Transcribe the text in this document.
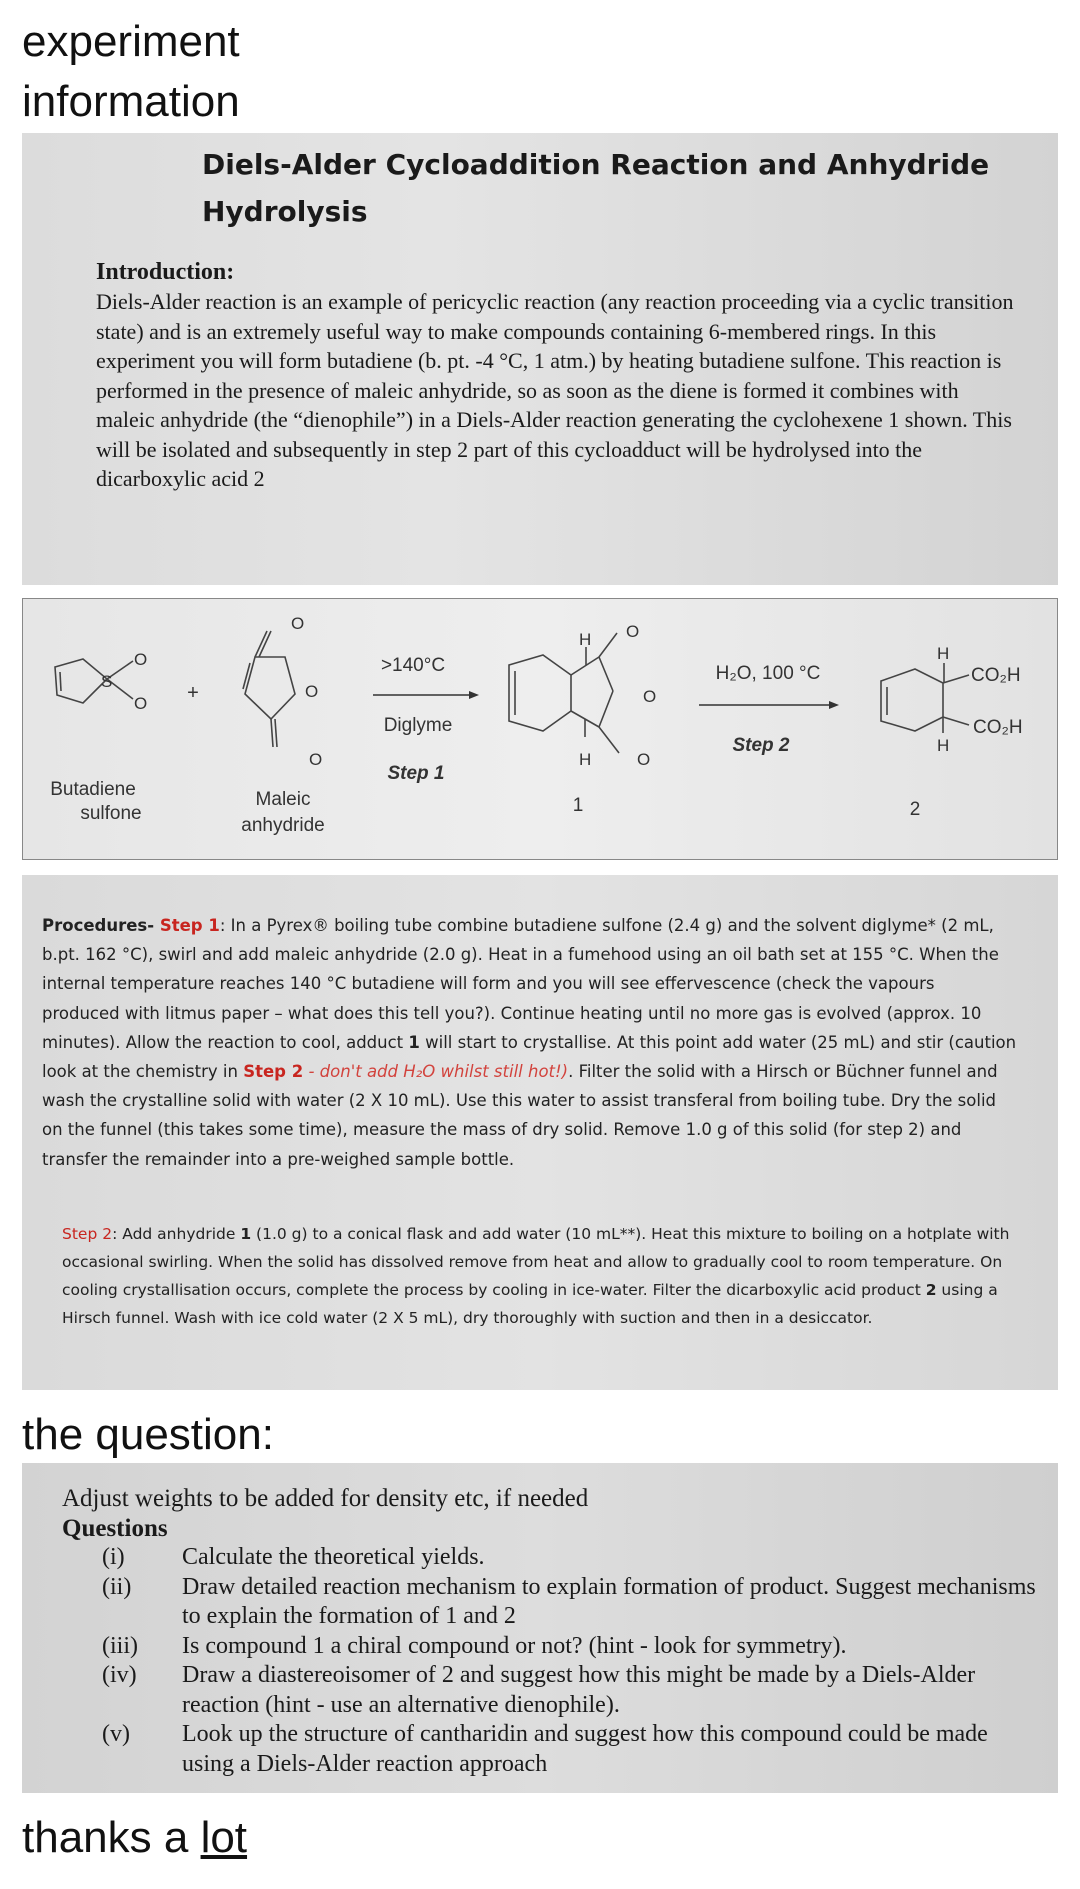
experiment
information
Diels-Alder Cycloaddition Reaction and Anhydride
Hydrolysis
Introduction:
Diels-Alder reaction is an example of pericyclic reaction (any reaction proceeding via a cyclic transition state) and is an extremely useful way to make compounds containing 6-membered rings. In this experiment you will form butadiene (b. pt. -4 °C, 1 atm.) by heating butadiene sulfone. This reaction is performed in the presence of maleic anhydride, so as soon as the diene is formed it combines with maleic anhydride (the “dienophile”) in a Diels-Alder reaction generating the cyclohexene 1 shown. This will be isolated and subsequently in step 2 part of this cycloadduct will be hydrolysed into the dicarboxylic acid 2
S
O
O
Butadiene
sulfone
+
O
O
O
Maleic
anhydride
>140°C
Diglyme
Step 1
H O
O
H	O
1
H₂O, 100 °C
Step 2
H
CO₂H
CO₂H
H
2
Procedures- Step 1: In a Pyrex® boiling tube combine butadiene sulfone (2.4 g) and the solvent diglyme* (2 mL, b.pt. 162 °C), swirl and add maleic anhydride (2.0 g). Heat in a fumehood using an oil bath set at 155 °C. When the internal temperature reaches 140 °C butadiene will form and you will see effervescence (check the vapours produced with litmus paper – what does this tell you?). Continue heating until no more gas is evolved (approx. 10 minutes). Allow the reaction to cool, adduct 1 will start to crystallise. At this point add water (25 mL) and stir (caution look at the chemistry in Step 2 - don't add H₂O whilst still hot!). Filter the solid with a Hirsch or Büchner funnel and wash the crystalline solid with water (2 X 10 mL). Use this water to assist transferal from boiling tube. Dry the solid on the funnel (this takes some time), measure the mass of dry solid. Remove 1.0 g of this solid (for step 2) and transfer the remainder into a pre-weighed sample bottle.
Step 2: Add anhydride 1 (1.0 g) to a conical flask and add water (10 mL**). Heat this mixture to boiling on a hotplate with occasional swirling. When the solid has dissolved remove from heat and allow to gradually cool to room temperature. On cooling crystallisation occurs, complete the process by cooling in ice-water. Filter the dicarboxylic acid product 2 using a Hirsch funnel. Wash with ice cold water (2 X 5 mL), dry thoroughly with suction and then in a desiccator.
the question:
Adjust weights to be added for density etc, if needed
Questions
(i)	Calculate the theoretical yields.
(ii)	Draw detailed reaction mechanism to explain formation of product. Suggest mechanisms to explain the formation of 1 and 2
(iii)	Is compound 1 a chiral compound or not? (hint - look for symmetry).
(iv)	Draw a diastereoisomer of 2 and suggest how this might be made by a Diels-Alder reaction (hint - use an alternative dienophile).
(v)	Look up the structure of cantharidin and suggest how this compound could be made using a Diels-Alder reaction approach
thanks a lot
